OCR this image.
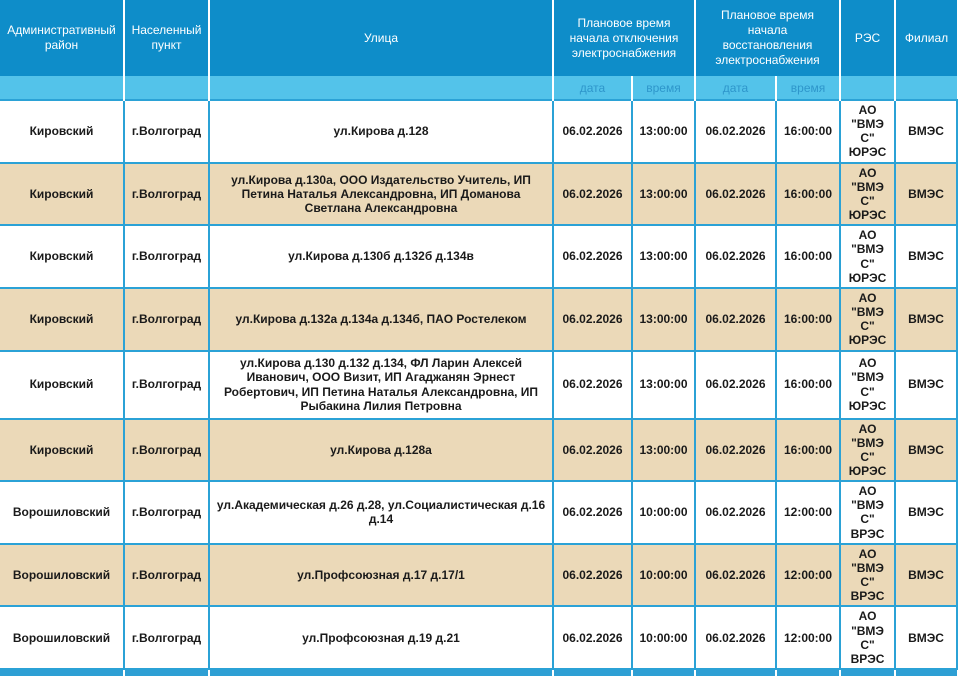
Административный район	Населенный пункт	Улица	Плановое время начала отключения электроснабжения		Плановое время начала восстановления электроснабжения		РЭС	Филиал
			дата	время	дата	время		
Кировский	г.Волгоград	ул.Кирова д.128	06.02.2026	13:00:00	06.02.2026	16:00:00	АО "ВМЭС" ЮРЭС	ВМЭС
Кировский	г.Волгоград	ул.Кирова д.130а, ООО Издательство Учитель, ИП Петина Наталья Александровна, ИП Доманова Светлана Александровна	06.02.2026	13:00:00	06.02.2026	16:00:00	АО "ВМЭС" ЮРЭС	ВМЭС
Кировский	г.Волгоград	ул.Кирова д.130б д.132б д.134в	06.02.2026	13:00:00	06.02.2026	16:00:00	АО "ВМЭС" ЮРЭС	ВМЭС
Кировский	г.Волгоград	ул.Кирова д.132а д.134а д.134б, ПАО Ростелеком	06.02.2026	13:00:00	06.02.2026	16:00:00	АО "ВМЭС" ЮРЭС	ВМЭС
Кировский	г.Волгоград	ул.Кирова д.130 д.132 д.134, ФЛ Ларин Алексей Иванович, ООО Визит, ИП Агаджанян Эрнест Робертович, ИП Петина Наталья Александровна, ИП Рыбакина Лилия Петровна	06.02.2026	13:00:00	06.02.2026	16:00:00	АО "ВМЭС" ЮРЭС	ВМЭС
Кировский	г.Волгоград	ул.Кирова д.128а	06.02.2026	13:00:00	06.02.2026	16:00:00	АО "ВМЭС" ЮРЭС	ВМЭС
Ворошиловский	г.Волгоград	ул.Академическая д.26 д.28, ул.Социалистическая д.16 д.14	06.02.2026	10:00:00	06.02.2026	12:00:00	АО "ВМЭС" ВРЭС	ВМЭС
Ворошиловский	г.Волгоград	ул.Профсоюзная д.17 д.17/1	06.02.2026	10:00:00	06.02.2026	12:00:00	АО "ВМЭС" ВРЭС	ВМЭС
Ворошиловский	г.Волгоград	ул.Профсоюзная д.19 д.21	06.02.2026	10:00:00	06.02.2026	12:00:00	АО "ВМЭС" ВРЭС	ВМЭС
